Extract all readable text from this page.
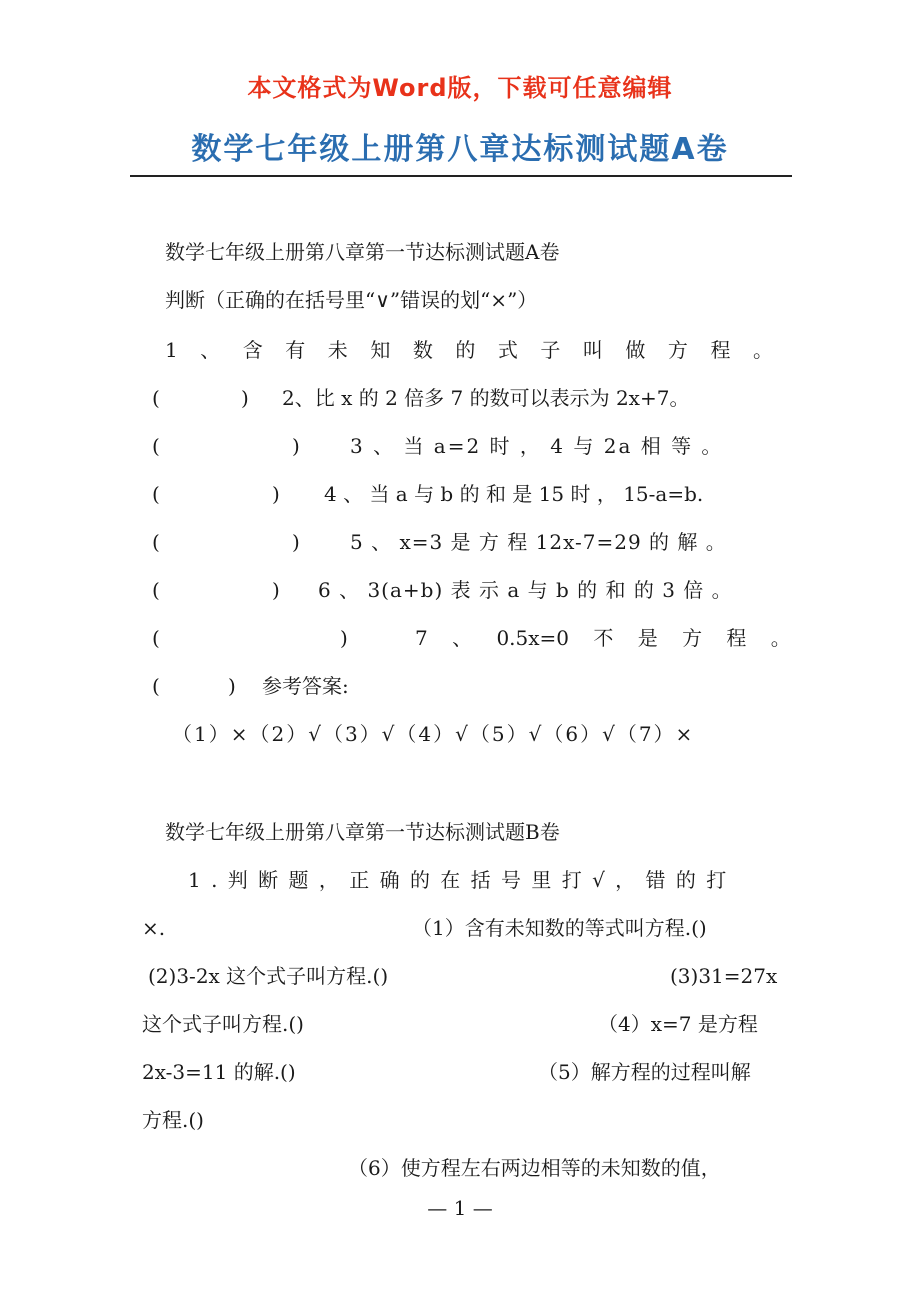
本文格式为Word版，下载可任意编辑
数学七年级上册第八章达标测试题A卷
数学七年级上册第八章第一节达标测试题A卷
判断（正确的在括号里“∨”错误的划“×”）
1 、 含 有 未 知 数 的 式 子 叫 做 方 程 。
(	) 2、比 x 的 2 倍多 7 的数可以表示为 2x+7。
(	)	3 、 当 a=2 时 ， 4 与 2a 相 等 。
(	) 4 、 当 a 与 b 的 和 是 15 时 ， 15-a=b.
(	)	5 、 x=3 是 方 程 12x-7=29 的 解 。
(	) 6 、 3(a+b) 表 示 a 与 b 的 和 的 3 倍 。
(	)	7 、 0.5x=0 不 是 方 程 。
(	) 参考答案:
（1）×（2）√（3）√（4）√（5）√（6）√（7）×
数学七年级上册第八章第一节达标测试题B卷
1 . 判 断 题 ， 正 确 的 在 括 号 里 打 √ ， 错 的 打
×.	（1）含有未知数的等式叫方程.()
(2)3-2x 这个式子叫方程.()	(3)31=27x
这个式子叫方程.()	（4）x=7 是方程
2x-3=11 的解.()	（5）解方程的过程叫解
方程.()
（6）使方程左右两边相等的未知数的值，
— 1 —
